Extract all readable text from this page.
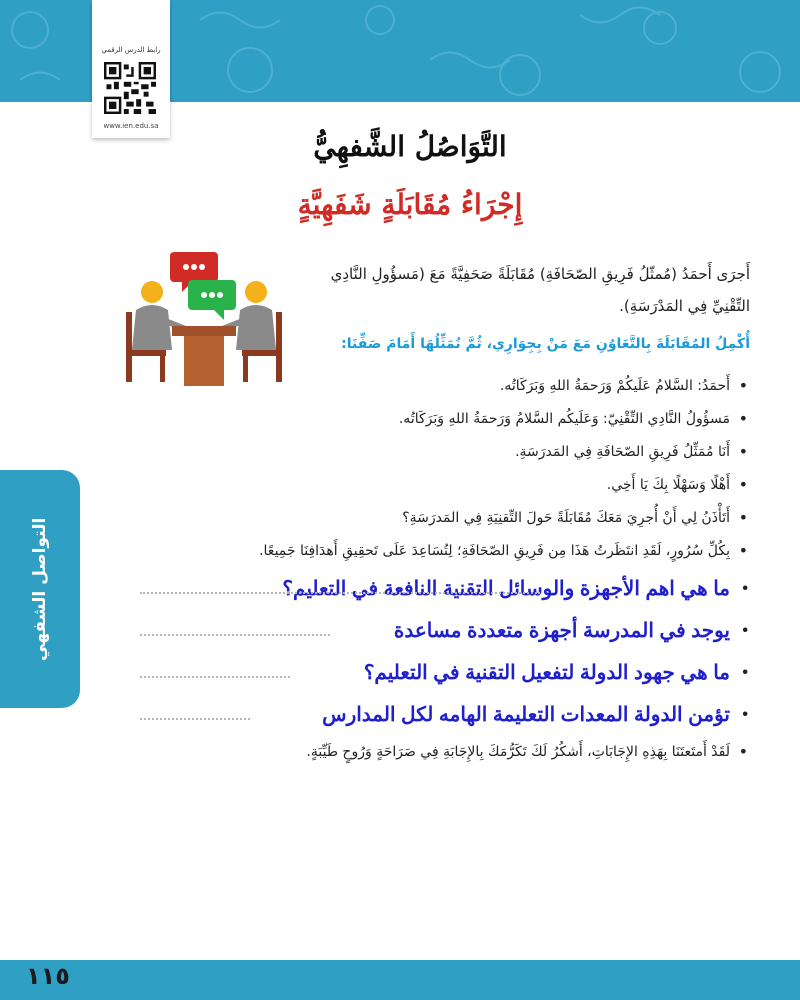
رابط الدرس الرقمي
www.ien.edu.sa
التَّوَاصُلُ الشَّفهِيُّ
إِجْرَاءُ مُقَابَلَةٍ شَفَهِيَّةٍ

أَجرَى أَحمَدُ (مُمثّلُ فَرِيقِ الصّحَافَةِ) مُقَابَلَةً صَحَفِيَّةً مَعَ (مَسؤُولِ النَّادِي التِّقْنِيِّ فِي المَدْرَسَةِ).

أُكْمِلُ المُقَابَلَةَ بِالتَّعَاوُنِ مَعَ مَنْ بِجِوَارِي، ثُمَّ نُمَثِّلُهَا أَمَامَ صَفِّنَا:

• أَحمَدُ: السَّلامُ عَلَيكُمْ وَرَحمَةُ اللهِ وَبَرَكَاتُه.
• مَسؤُولُ النَّادِي التِّقْنِيّ: وَعَلَيكُم السَّلامُ وَرَحمَةُ اللهِ وَبَرَكَاتُه.
• أَنَا مُمَثِّلُ فَرِيقِ الصّحَافَةِ فِي المَدرَسَةِ.
• أَهْلًا وَسَهْلًا بِكَ يَا أَخِي.
• أَتَأْذَنُ لِي أَنْ أُجرِيَ مَعَكَ مُقَابَلَةً حَولَ التِّقنِيَةِ فِي المَدرَسَةِ؟
• بِكُلِّ سُرُورٍ، لَقَدِ انتَظَرتُ هَذَا مِن فَرِيقِ الصّحَافَةِ؛ لِتُسَاعِدَ عَلَى تَحقِيقِ أَهدَافِنَا جَمِيعًا.
• ما هي اهم الأجهزة والوسائل التقنية النافعة في التعليم؟
• يوجد في المدرسة أجهزة متعددة مساعدة
• ما هي جهود الدولة لتفعيل التقنية في التعليم؟
• تؤمن الدولة المعدات التعليمة الهامه لكل المدارس
• لَقَدْ أَمتَعتَنَا بِهَذِهِ الإِجَابَاتِ، أَشكُرُ لَكَ تَكَرُّمَكَ بِالإِجَابَةِ فِي صَرَاحَةٍ وَرُوحٍ طَيِّبَةٍ.
التواصل الشفهي

١١٥
